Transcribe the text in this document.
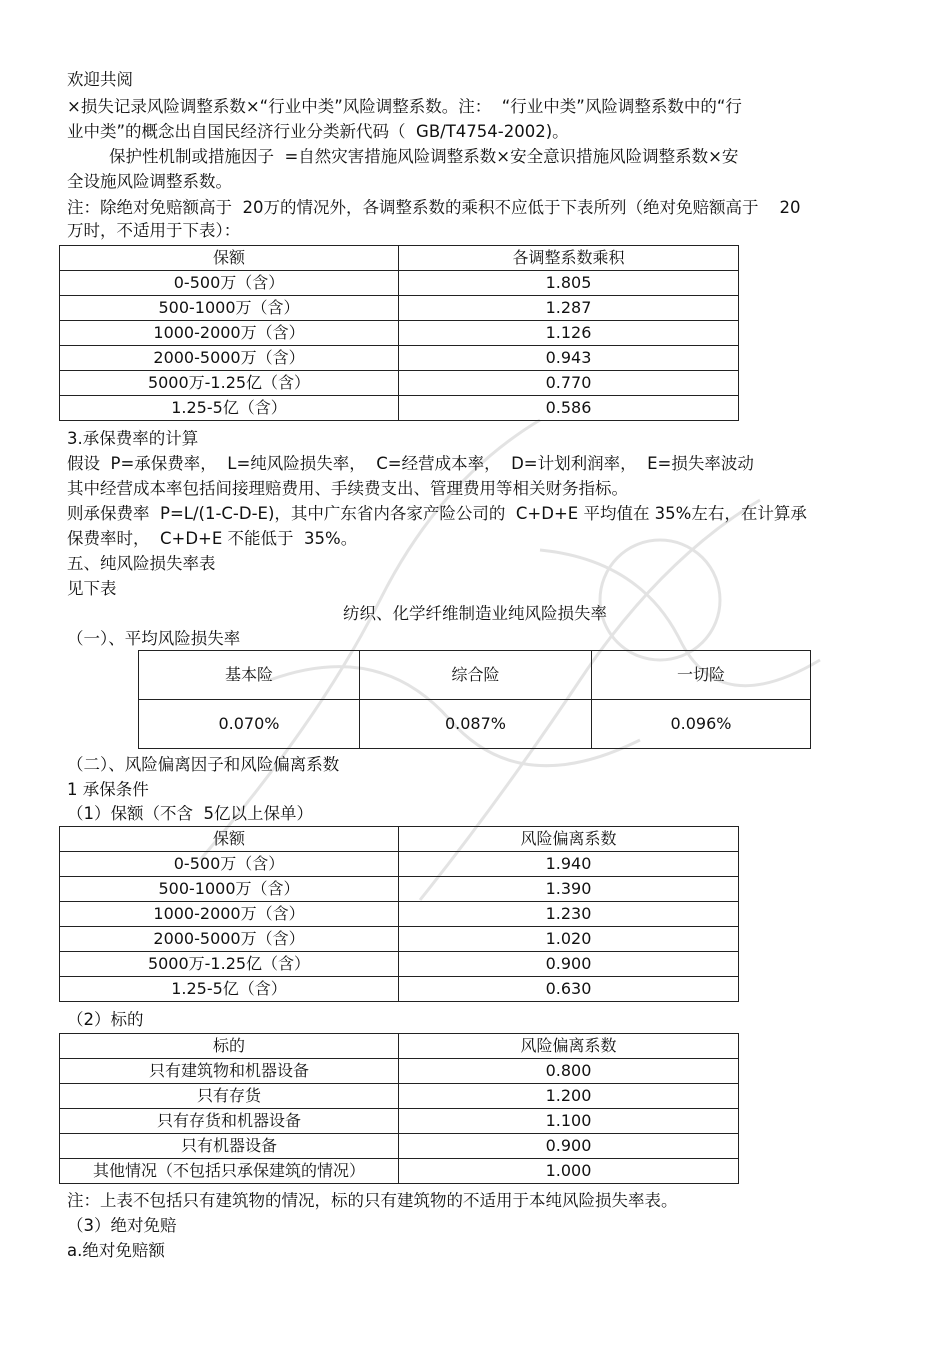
欢迎共阅
×损失记录风险调整系数×“行业中类”风险调整系数。注：  “行业中类”风险调整系数中的“行
业中类”的概念出自国民经济行业分类新代码（  GB/T4754-2002)。
保护性机制或措施因子  =自然灾害措施风险调整系数×安全意识措施风险调整系数×安
全设施风险调整系数。
注：除绝对免赔额高于  20万的情况外，各调整系数的乘积不应低于下表所列（绝对免赔额高于    20
万时，不适用于下表）：
保额	各调整系数乘积
0-500万（含）	1.805
500-1000万（含）	1.287
1000-2000万（含）	1.126
2000-5000万（含）	0.943
5000万-1.25亿（含）	0.770
1.25-5亿（含）	0.586
3.承保费率的计算
假设  P=承保费率，  L=纯风险损失率，  C=经营成本率，  D=计划利润率，  E=损失率波动
其中经营成本率包括间接理赔费用、手续费支出、管理费用等相关财务指标。
则承保费率  P=L/(1-C-D-E)，其中广东省内各家产险公司的  C+D+E 平均值在 35%左右，在计算承
保费率时，  C+D+E 不能低于  35%。
五、纯风险损失率表
见下表
纺织、化学纤维制造业纯风险损失率
（一）、平均风险损失率
基本险	综合险	一切险
0.070%	0.087%	0.096%
（二）、风险偏离因子和风险偏离系数
1 承保条件
（1）保额（不含  5亿以上保单）
保额	风险偏离系数
0-500万（含）	1.940
500-1000万（含）	1.390
1000-2000万（含）	1.230
2000-5000万（含）	1.020
5000万-1.25亿（含）	0.900
1.25-5亿（含）	0.630
（2）标的
标的	风险偏离系数
只有建筑物和机器设备	0.800
只有存货	1.200
只有存货和机器设备	1.100
只有机器设备	0.900
其他情况（不包括只承保建筑的情况）	1.000
注：上表不包括只有建筑物的情况，标的只有建筑物的不适用于本纯风险损失率表。
（3）绝对免赔
a.绝对免赔额
